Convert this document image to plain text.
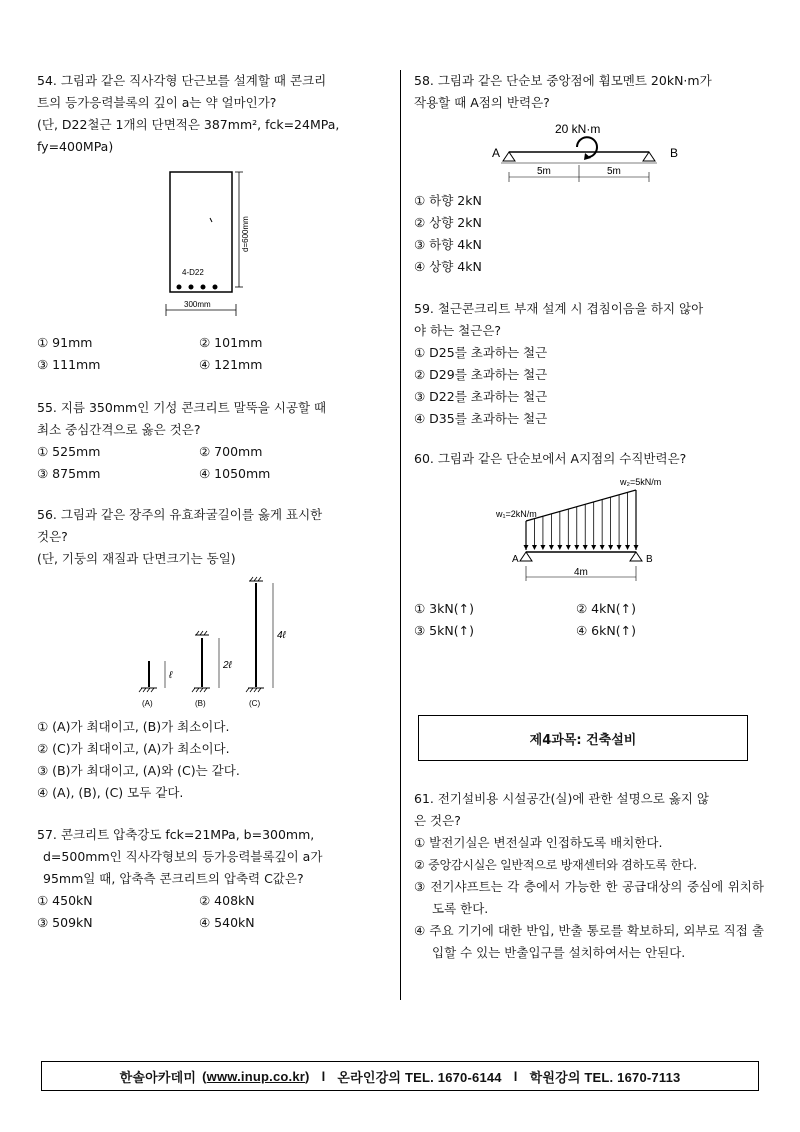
54. 그림과 같은 직사각형 단근보를 설계할 때 콘크리
트의 등가응력블록의 깊이 a는 약 얼마인가?
(단, D22철근 1개의 단면적은 387mm², fck=24MPa,
fy=400MPa)
4-D22
d=600mm
300mm
① 91mm	② 101mm
③ 111mm	④ 121mm
55. 지름 350mm인 기성 콘크리트 말뚝을 시공할 때
최소 중심간격으로 옳은 것은?
① 525mm	② 700mm
③ 875mm	④ 1050mm
56. 그림과 같은 장주의 유효좌굴길이를 옳게 표시한
것은?
(단, 기둥의 재질과 단면크기는 동일)
ℓ
(A)
2ℓ
(B)
4ℓ
(C)
① (A)가 최대이고, (B)가 최소이다.
② (C)가 최대이고, (A)가 최소이다.
③ (B)가 최대이고, (A)와 (C)는 같다.
④ (A), (B), (C) 모두 같다.
57. 콘크리트 압축강도 fck=21MPa, b=300mm,
d=500mm인 직사각형보의 등가응력블록깊이 a가
95mm일 때, 압축측 콘크리트의 압축력 C값은?
① 450kN	② 408kN
③ 509kN	④ 540kN
58. 그림과 같은 단순보 중앙점에 휨모멘트 20kN·m가
작용할 때 A점의 반력은?
20 kN·m
A	B
5m	5m
① 하향 2kN
② 상향 2kN
③ 하향 4kN
④ 상향 4kN
59. 철근콘크리트 부재 설계 시 겹침이음을 하지 않아
야 하는 철근은?
① D25를 초과하는 철근
② D29를 초과하는 철근
③ D22를 초과하는 철근
④ D35를 초과하는 철근
60. 그림과 같은 단순보에서 A지점의 수직반력은?
w₂=5kN/m
w₁=2kN/m
A	B
4m
① 3kN(↑)	② 4kN(↑)
③ 5kN(↑)	④ 6kN(↑)
61. 전기설비용 시설공간(실)에 관한 설명으로 옳지 않
은 것은?
① 발전기실은 변전실과 인접하도록 배치한다.
② 중앙감시실은 일반적으로 방재센터와 겸하도록 한다.
③ 전기샤프트는 각 층에서 가능한 한 공급대상의 중심에 위치하도록 한다.
④ 주요 기기에 대한 반입, 반출 통로를 확보하되, 외부로 직접 출입할 수 있는 반출입구를 설치하여서는 안된다.
제4과목: 건축설비
한솔아카데미 ( www.inup.co.kr ) l 온라인강의 TEL. 1670-6144 l 학원강의 TEL. 1670-7113
